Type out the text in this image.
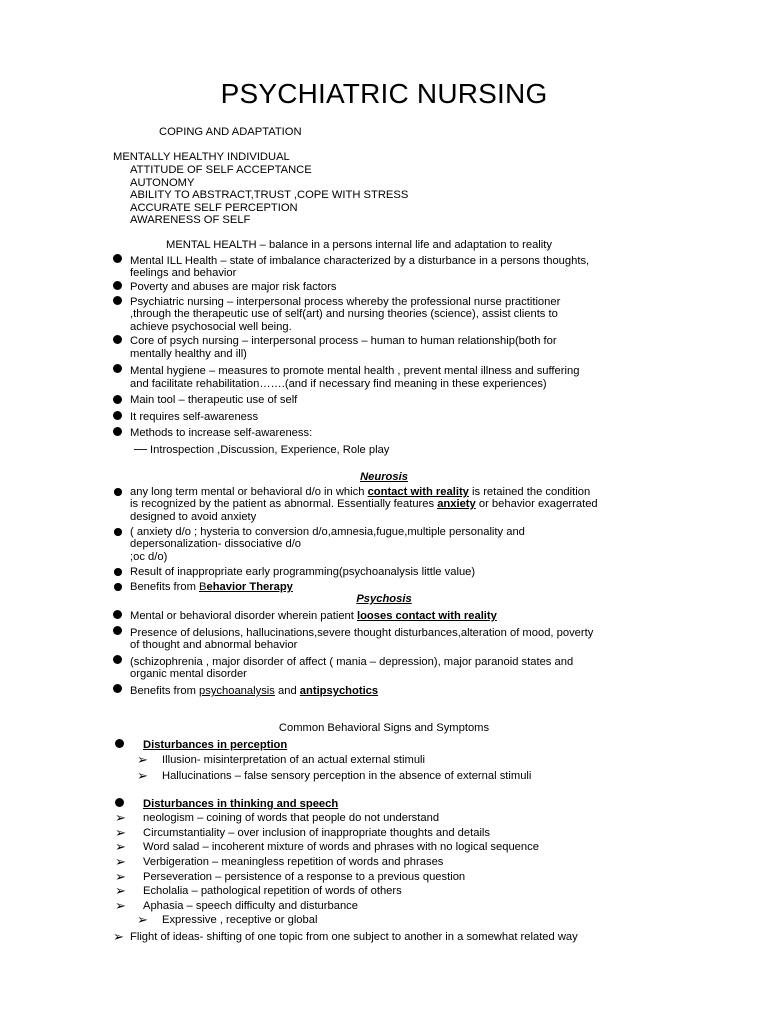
PSYCHIATRIC NURSING
COPING AND ADAPTATION
MENTALLY HEALTHY INDIVIDUAL
ATTITUDE OF SELF ACCEPTANCE
AUTONOMY
ABILITY TO ABSTRACT,TRUST ,COPE WITH STRESS
ACCURATE SELF PERCEPTION
AWARENESS OF SELF
MENTAL HEALTH – balance in a persons internal life and adaptation to reality
Mental ILL Health – state of imbalance characterized by a disturbance in a persons thoughts,
feelings and behavior
Poverty and abuses are major risk factors
Psychiatric nursing – interpersonal process whereby the professional nurse practitioner
,through the therapeutic use of self(art) and nursing theories (science), assist clients to
achieve psychosocial well being.
Core of psych nursing – interpersonal process – human to human relationship(both for
mentally healthy and ill)
Mental hygiene – measures to promote mental health , prevent mental illness and suffering
and facilitate rehabilitation…….(and if necessary find meaning in these experiences)
Main tool – therapeutic use of self
It requires self-awareness
Methods to increase self-awareness:
— Introspection ,Discussion, Experience, Role play
Neurosis
any long term mental or behavioral d/o in which contact with reality is retained the condition
is recognized by the patient as abnormal. Essentially features anxiety or behavior exagerrated
designed to avoid anxiety
( anxiety d/o ; hysteria to conversion d/o,amnesia,fugue,multiple personality and
depersonalization- dissociative d/o
;oc d/o)
Result of inappropriate early programming(psychoanalysis little value)
Benefits from Behavior Therapy
Psychosis
Mental or behavioral disorder wherein patient looses contact with reality
Presence of delusions, hallucinations,severe thought disturbances,alteration of mood, poverty
of thought and abnormal behavior
(schizophrenia , major disorder of affect ( mania – depression), major paranoid states and
organic mental disorder
Benefits from psychoanalysis and antipsychotics
Common Behavioral Signs and Symptoms
Disturbances in perception
➢ Illusion- misinterpretation of an actual external stimuli
➢ Hallucinations – false sensory perception in the absence of external stimuli
Disturbances in thinking and speech
➢ neologism – coining of words that people do not understand
➢ Circumstantiality – over inclusion of inappropriate thoughts and details
➢ Word salad – incoherent mixture of words and phrases with no logical sequence
➢ Verbigeration – meaningless repetition of words and phrases
➢ Perseveration – persistence of a response to a previous question
➢ Echolalia – pathological repetition of words of others
➢ Aphasia – speech difficulty and disturbance
➢ Expressive , receptive or global
➢ Flight of ideas- shifting of one topic from one subject to another in a somewhat related way
